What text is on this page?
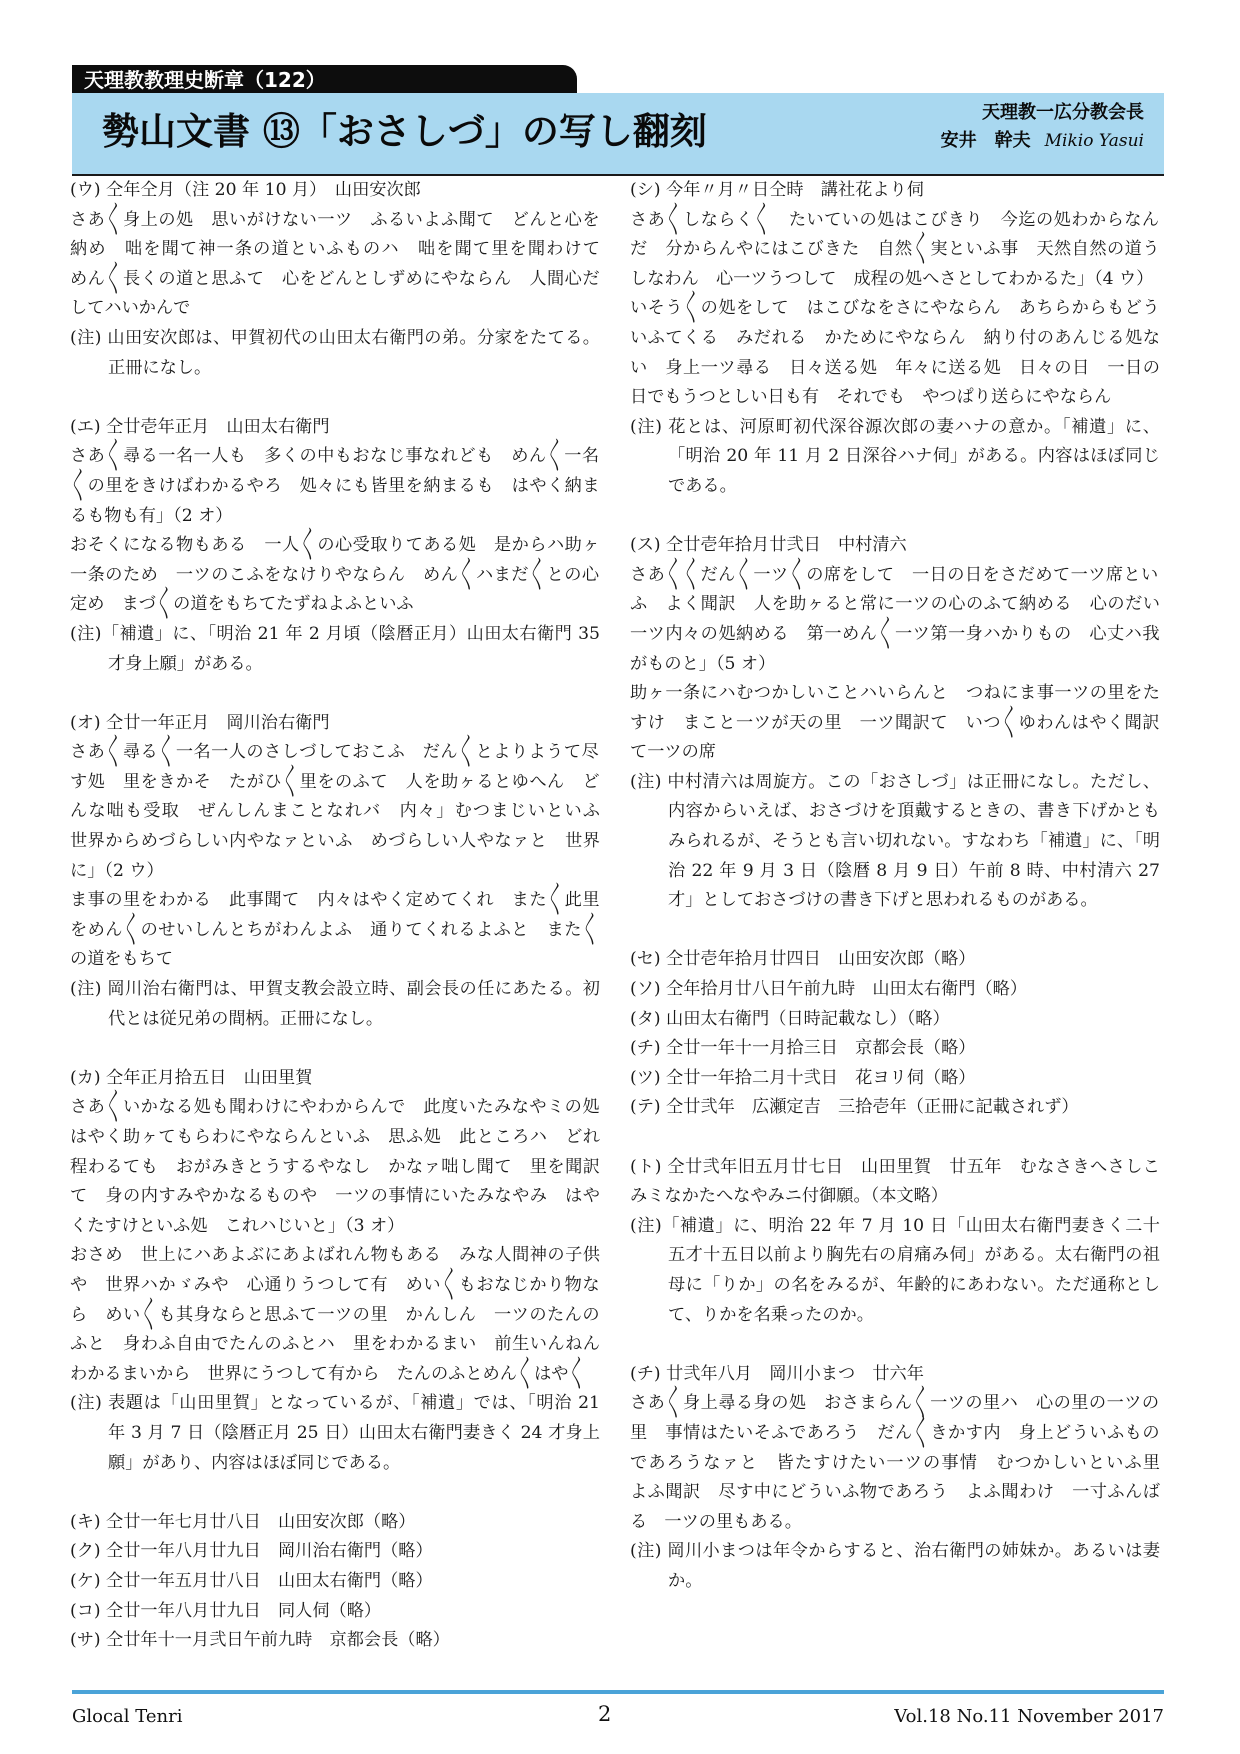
天理教教理史断章（122）
勢山文書 ⑬「おさしづ」の写し翻刻	天理教一広分教会長
安井　幹夫 Mikio Yasui
(ウ) 仝年仝月（注 20 年 10 月）　山田安次郎
さあ〳〵身上の処　思いがけない一ツ　ふるいよふ聞て　どんと心を納め　咄を聞て神一条の道といふものハ　咄を聞て里を聞わけて　めん〳〵長くの道と思ふて　心をどんとしずめにやならん　人間心だしてハいかんで
(注) 山田安次郎は、甲賀初代の山田太右衛門の弟。分家をたてる。正冊になし。
(エ) 仝廿壱年正月　山田太右衛門
さあ〳〵尋る一名一人も　多くの中もおなじ事なれども　めん〳〵一名〳〵の里をきけばわかるやろ　処々にも皆里を納まるも　はやく納まるも物も有」（2 オ）
おそくになる物もある　一人〳〵の心受取りてある処　是からハ助ヶ一条のため　一ツのこふをなけりやならん　めん〳〵ハまだ〳〵との心定め　まづ〳〵の道をもちてたずねよふといふ
(注)「補遺」に、「明治 21 年 2 月頃（陰暦正月）山田太右衛門 35 才身上願」がある。
(オ) 仝廿一年正月　岡川治右衛門
さあ〳〵尋る〳〵一名一人のさしづしておこふ　だん〳〵とよりようて尽す処　里をきかそ　たがひ〳〵里をのふて　人を助ヶるとゆへん　どんな咄も受取　ぜんしんまことなれバ　内々」むつまじいといふ　世界からめづらしい内やなァといふ　めづらしい人やなァと　世界に」（2 ウ）
ま事の里をわかる　此事聞て　内々はやく定めてくれ　また〳〵此里をめん〳〵のせいしんとちがわんよふ　通りてくれるよふと　また〳〵の道をもちて
(注) 岡川治右衛門は、甲賀支教会設立時、副会長の任にあたる。初代とは従兄弟の間柄。正冊になし。
(カ) 仝年正月拾五日　山田里賀
さあ〳〵いかなる処も聞わけにやわからんで　此度いたみなやミの処　はやく助ヶてもらわにやならんといふ　思ふ処　此ところハ　どれ程わるても　おがみきとうするやなし　かなァ咄し聞て　里を聞訳て　身の内すみやかなるものや　一ツの事情にいたみなやみ　はやくたすけといふ処　これハじいと」（3 オ）
おさめ　世上にハあよぶにあよばれん物もある　みな人間神の子供や　世界ハかゞみや　心通りうつして有　めい〳〵もおなじかり物なら　めい〳〵も其身ならと思ふて一ツの里　かんしん　一ツのたんのふと　身わふ自由でたんのふとハ　里をわかるまい　前生いんねんわかるまいから　世界にうつして有から　たんのふとめん〳〵はや〳〵
(注) 表題は「山田里賀」となっているが、「補遺」では、「明治 21 年 3 月 7 日（陰暦正月 25 日）山田太右衛門妻きく 24 才身上願」があり、内容はほぼ同じである。
(キ) 仝廿一年七月廿八日　山田安次郎（略）
(ク) 仝廿一年八月廿九日　岡川治右衛門（略）
(ケ) 仝廿一年五月廿八日　山田太右衛門（略）
(コ) 仝廿一年八月廿九日　同人伺（略）
(サ) 仝廿年十一月弐日午前九時　京都会長（略）
(シ) 今年〃月〃日仝時　講社花より伺
さあ〳〵しならく〳〵　たいていの処はこびきり　今迄の処わからなんだ　分からんやにはこびきた　自然〳〵実といふ事　天然自然の道うしなわん　心一ツうつして　成程の処へさとしてわかるた」（4 ウ）
いそう〳〵の処をして　はこびなをさにやならん　あちらからもどういふてくる　みだれる　かためにやならん　納り付のあんじる処ない　身上一ツ尋る　日々送る処　年々に送る処　日々の日　一日の日でもうつとしい日も有　それでも　やつぱり送らにやならん
(注) 花とは、河原町初代深谷源次郎の妻ハナの意か。「補遺」に、「明治 20 年 11 月 2 日深谷ハナ伺」がある。内容はほぼ同じである。
(ス) 仝廿壱年拾月廿弐日　中村清六
さあ〳〵〳〵だん〳〵一ツ〳〵の席をして　一日の日をさだめて一ツ席といふ　よく聞訳　人を助ヶると常に一ツの心のふて納める　心のだい一ツ内々の処納める　第一めん〳〵一ツ第一身ハかりもの　心丈ハ我がものと」（5 オ）
助ヶ一条にハむつかしいことハいらんと　つねにま事一ツの里をたすけ　まこと一ツが天の里　一ツ聞訳て　いつ〳〵ゆわんはやく聞訳て一ツの席
(注) 中村清六は周旋方。この「おさしづ」は正冊になし。ただし、内容からいえば、おさづけを頂戴するときの、書き下げかともみられるが、そうとも言い切れない。すなわち「補遺」に、「明治 22 年 9 月 3 日（陰暦 8 月 9 日）午前 8 時、中村清六 27 才」としておさづけの書き下げと思われるものがある。
(セ) 仝廿壱年拾月廿四日　山田安次郎（略）
(ソ) 仝年拾月廿八日午前九時　山田太右衛門（略）
(タ) 山田太右衛門（日時記載なし）（略）
(チ) 仝廿一年十一月拾三日　京都会長（略）
(ツ) 仝廿一年拾二月十弐日　花ヨリ伺（略）
(テ) 仝廿弐年　広瀬定吉　三拾壱年（正冊に記載されず）
(ト) 仝廿弐年旧五月廿七日　山田里賀　廿五年　むなさきへさしこみミなかたへなやみニ付御願。（本文略）
(注)「補遺」に、明治 22 年 7 月 10 日「山田太右衛門妻きく二十五才十五日以前より胸先右の肩痛み伺」がある。太右衛門の祖母に「りか」の名をみるが、年齢的にあわない。ただ通称として、りかを名乗ったのか。
(チ) 廿弐年八月　岡川小まつ　廿六年
さあ〳〵身上尋る身の処　おさまらん〳〵一ツの里ハ　心の里の一ツの里　事情はたいそふであろう　だん〳〵きかす内　身上どういふものであろうなァと　皆たすけたい一ツの事情　むつかしいといふ里　よふ聞訳　尽す中にどういふ物であろう　よふ聞わけ　一寸ふんばる　一ツの里もある。
(注) 岡川小まつは年令からすると、治右衛門の姉妹か。あるいは妻か。
Glocal Tenri	2	Vol.18 No.11 November 2017
